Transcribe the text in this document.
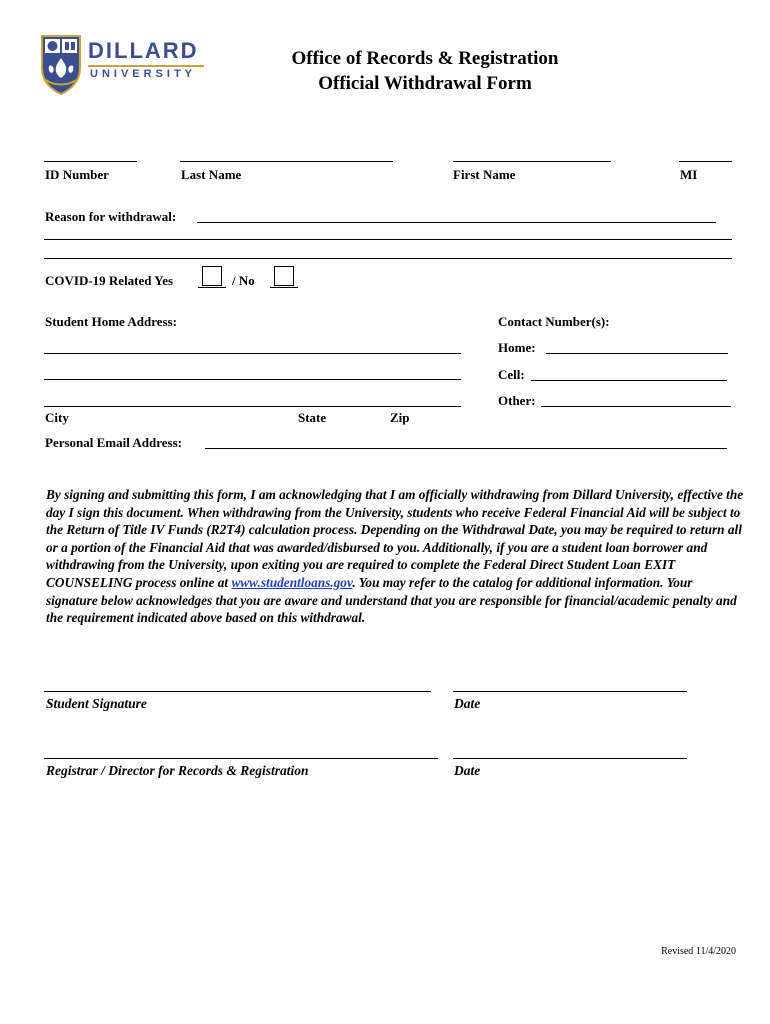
DILLARD
UNIVERSITY
Office of Records & Registration
Official Withdrawal Form
ID Number	Last Name	First Name	MI
Reason for withdrawal:
COVID-19 Related Yes	/ No
Student Home Address:	Contact Number(s):
Home:
Cell:
Other:
City	State	Zip
Personal Email Address:
By signing and submitting this form, I am acknowledging that I am officially withdrawing from Dillard University, effective the day I sign this document. When withdrawing from the University, students who receive Federal Financial Aid will be subject to the Return of Title IV Funds (R2T4) calculation process. Depending on the Withdrawal Date, you may be required to return all or a portion of the Financial Aid that was awarded/disbursed to you. Additionally, if you are a student loan borrower and withdrawing from the University, upon exiting you are required to complete the Federal Direct Student Loan EXIT COUNSELING process online at www.studentloans.gov. You may refer to the catalog for additional information. Your signature below acknowledges that you are aware and understand that you are responsible for financial/academic penalty and the requirement indicated above based on this withdrawal.
Student Signature	Date
Registrar / Director for Records & Registration	Date
Revised 11/4/2020
